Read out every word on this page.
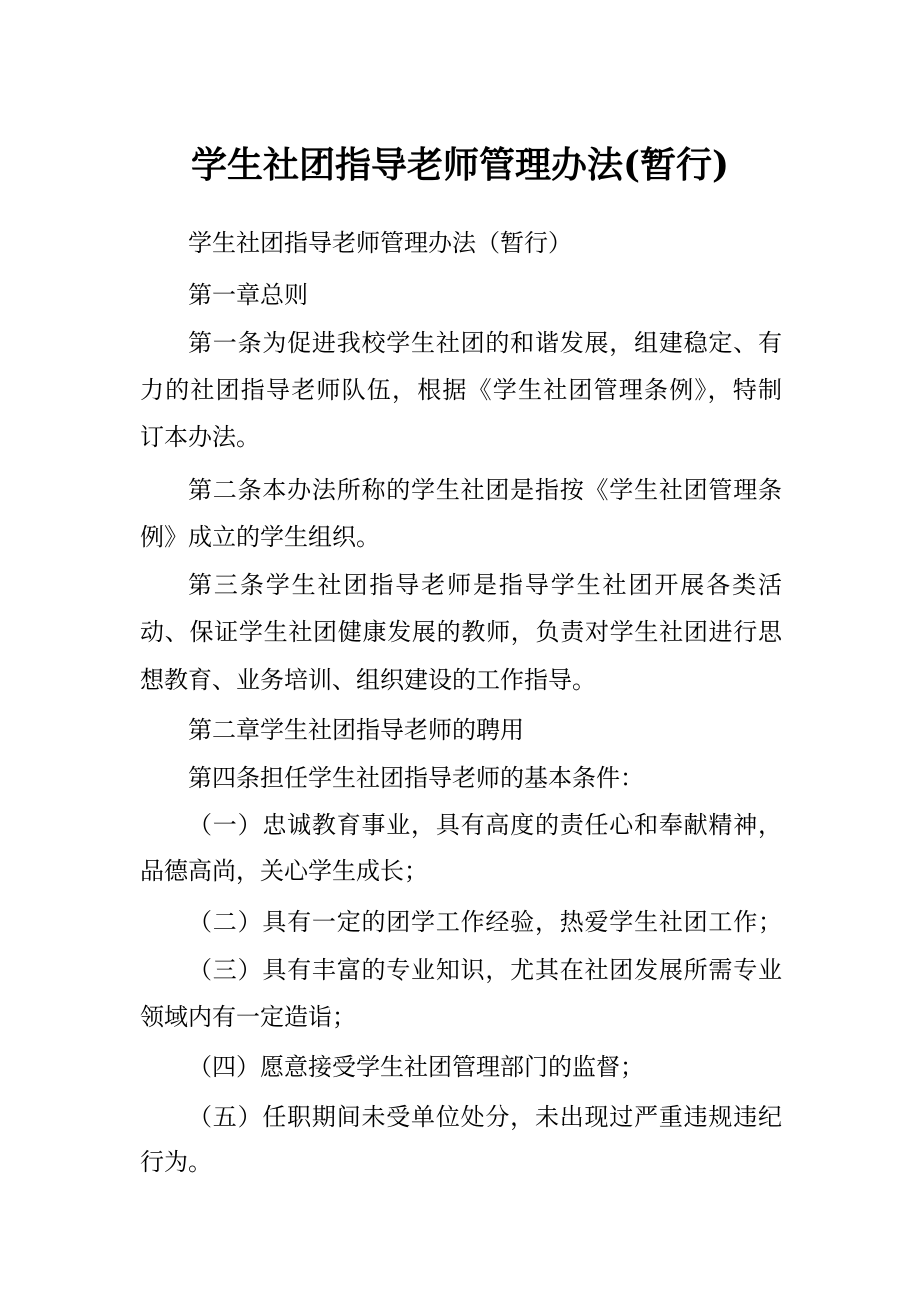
学生社团指导老师管理办法(暂行)
学生社团指导老师管理办法（暂行）
第一章总则
第一条为促进我校学生社团的和谐发展，组建稳定、有
力的社团指导老师队伍，根据《学生社团管理条例》，特制
订本办法。
第二条本办法所称的学生社团是指按《学生社团管理条
例》成立的学生组织。
第三条学生社团指导老师是指导学生社团开展各类活
动、保证学生社团健康发展的教师，负责对学生社团进行思
想教育、业务培训、组织建设的工作指导。
第二章学生社团指导老师的聘用
第四条担任学生社团指导老师的基本条件：
（一）忠诚教育事业，具有高度的责任心和奉献精神，
品德高尚，关心学生成长；
（二）具有一定的团学工作经验，热爱学生社团工作；
（三）具有丰富的专业知识，尤其在社团发展所需专业
领域内有一定造诣；
（四）愿意接受学生社团管理部门的监督；
（五）任职期间未受单位处分，未出现过严重违规违纪
行为。
